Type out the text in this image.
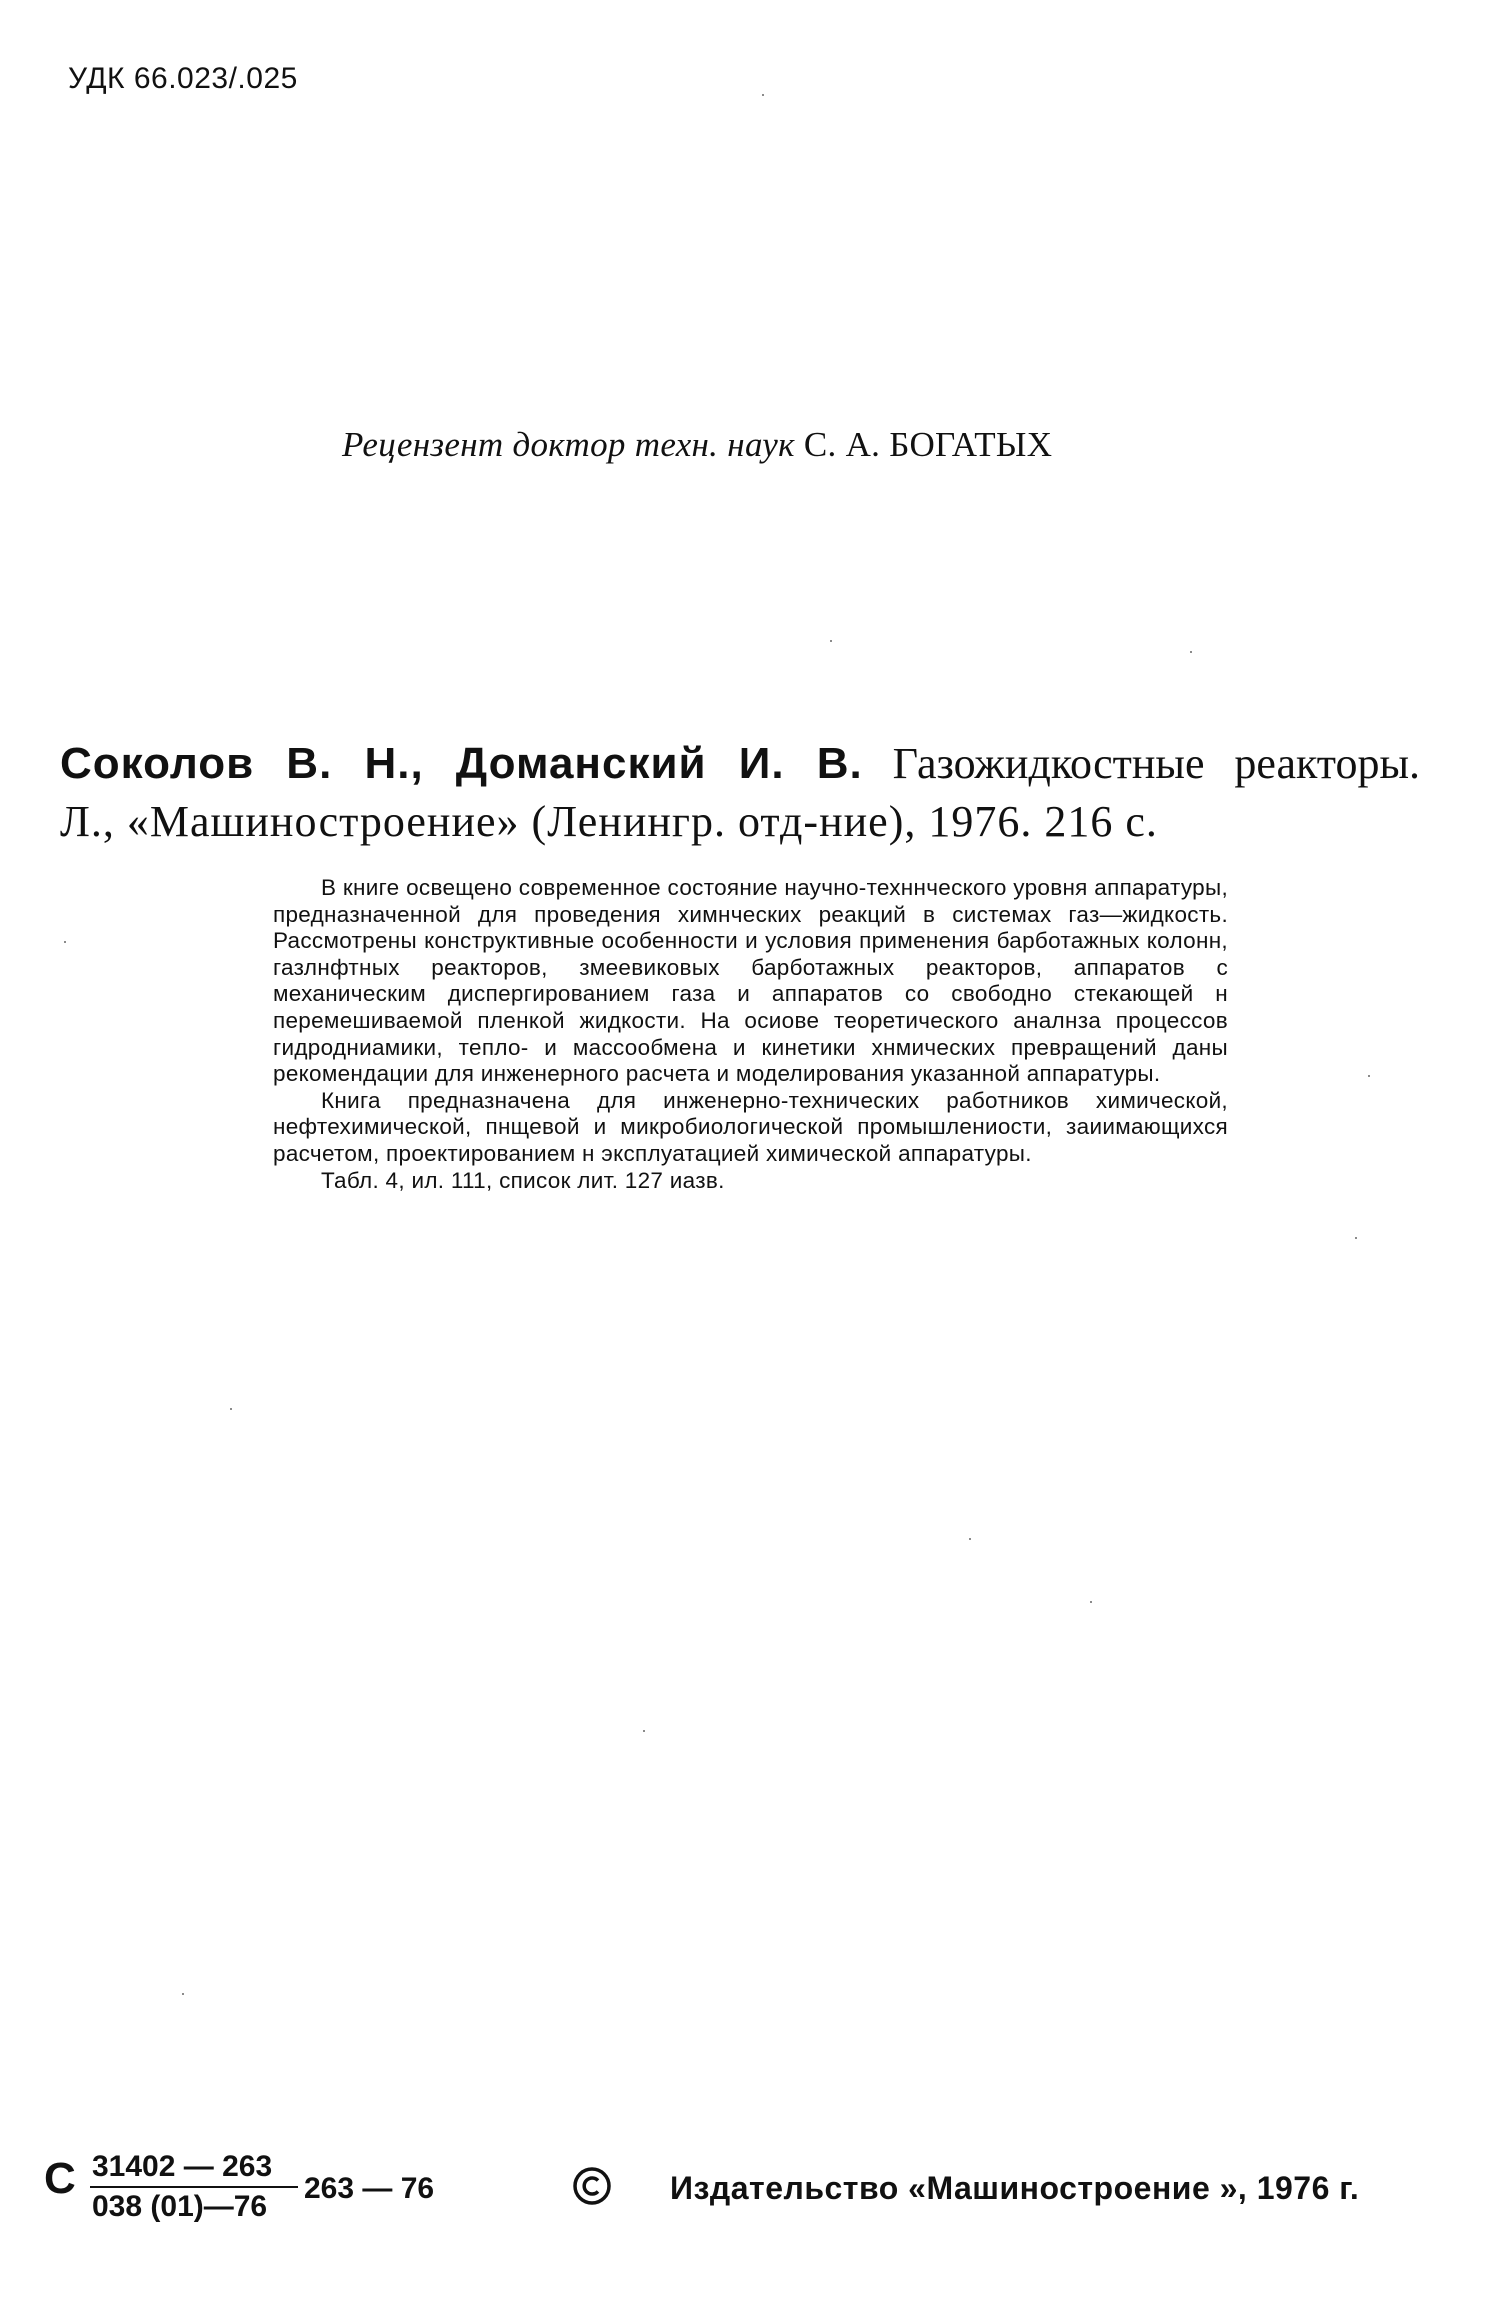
УДК 66.023/.025
Рецензент доктор техн. наук С. А. БОГАТЫХ
Соколов В. Н., Доманский И. В. Газожидкостные реакторы.
Л., «Машиностроение» (Ленингр. отд-ние), 1976. 216 с.

В книге освещено современное состояние научно-техннческого уровня аппаратуры, предназначенной для проведения химнческих реакций в системах газ—жидкость. Рассмотрены конструктивные особенности и условия применения барботажных колонн, газлнфтных реакторов, змеевиковых барботажных реакторов, аппаратов с механическим диспергированием газа и аппаратов со свободно стекающей н перемешиваемой пленкой жидкости. На осиове теоретического аналнза процессов гидродниамики, тепло- и массообмена и кинетики хнмических превращений даны рекомендации для инженерного расчета и моделирования указанной аппаратуры.

Книга предназначена для инженерно-технических работников химической, нефтехимической, пнщевой и микробиологической промышлениости, заиимающихся расчетом, проектированием н эксплуатацией химической аппаратуры.

Табл. 4, ил. 111, список лит. 127 иазв.

С 31402 — 263
038 (01)—76
263 — 76	Издательство «Машиностроение », 1976 г.
